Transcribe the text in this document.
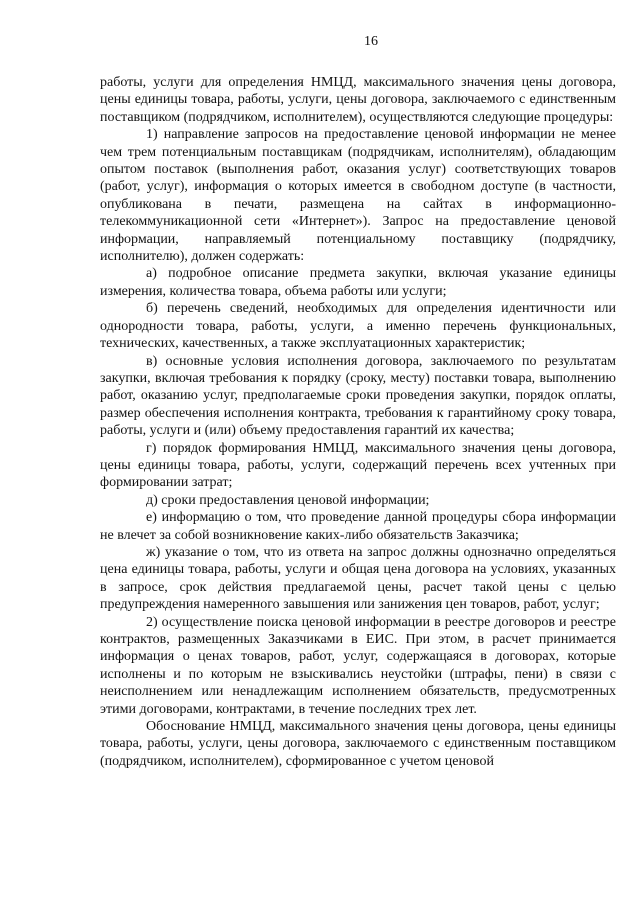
16

работы, услуги для определения НМЦД, максимального значения цены договора, цены единицы товара, работы, услуги, цены договора, заключаемого с единственным поставщиком (подрядчиком, исполнителем), осуществляются следующие процедуры:

1) направление запросов на предоставление ценовой информации не менее чем трем потенциальным поставщикам (подрядчикам, исполнителям), обладающим опытом поставок (выполнения работ, оказания услуг) соответствующих товаров (работ, услуг), информация о которых имеется в свободном доступе (в частности, опубликована в печати, размещена на сайтах в информационно-телекоммуникационной сети «Интернет»). Запрос на предоставление ценовой информации, направляемый потенциальному поставщику (подрядчику, исполнителю), должен содержать:

а) подробное описание предмета закупки, включая указание единицы измерения, количества товара, объема работы или услуги;

б) перечень сведений, необходимых для определения идентичности или однородности товара, работы, услуги, а именно перечень функциональных, технических, качественных, а также эксплуатационных характеристик;

в) основные условия исполнения договора, заключаемого по результатам закупки, включая требования к порядку (сроку, месту) поставки товара, выполнению работ, оказанию услуг, предполагаемые сроки проведения закупки, порядок оплаты, размер обеспечения исполнения контракта, требования к гарантийному сроку товара, работы, услуги и (или) объему предоставления гарантий их качества;

г) порядок формирования НМЦД, максимального значения цены договора, цены единицы товара, работы, услуги, содержащий перечень всех учтенных при формировании затрат;

д) сроки предоставления ценовой информации;

е) информацию о том, что проведение данной процедуры сбора информации не влечет за собой возникновение каких-либо обязательств Заказчика;

ж) указание о том, что из ответа на запрос должны однозначно определяться цена единицы товара, работы, услуги и общая цена договора на условиях, указанных в запросе, срок действия предлагаемой цены, расчет такой цены с целью предупреждения намеренного завышения или занижения цен товаров, работ, услуг;

2) осуществление поиска ценовой информации в реестре договоров и реестре контрактов, размещенных Заказчиками в ЕИС. При этом, в расчет принимается информация о ценах товаров, работ, услуг, содержащаяся в договорах, которые исполнены и по которым не взыскивались неустойки (штрафы, пени) в связи с неисполнением или ненадлежащим исполнением обязательств, предусмотренных этими договорами, контрактами, в течение последних трех лет.

Обоснование НМЦД, максимального значения цены договора, цены единицы товара, работы, услуги, цены договора, заключаемого с единственным поставщиком (подрядчиком, исполнителем), сформированное с учетом ценовой
